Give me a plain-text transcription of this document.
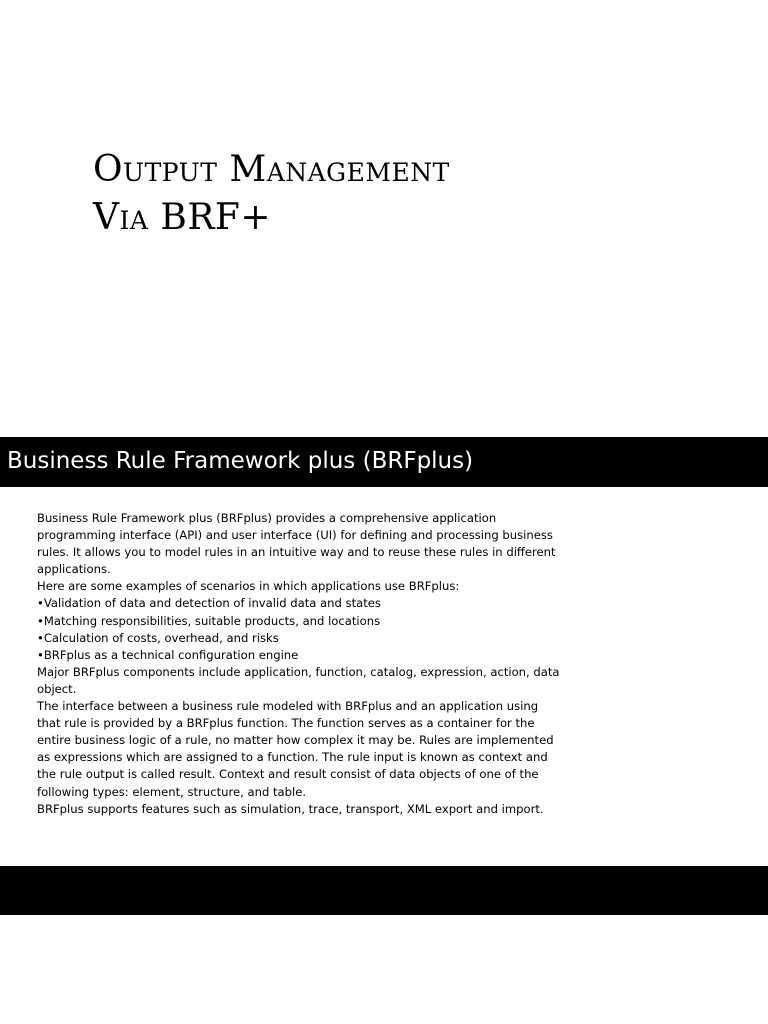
Output Management
Via BRF+
Business Rule Framework plus (BRFplus)
Business Rule Framework plus (BRFplus) provides a comprehensive application
programming interface (API) and user interface (UI) for defining and processing business
rules. It allows you to model rules in an intuitive way and to reuse these rules in different
applications.
Here are some examples of scenarios in which applications use BRFplus:
•Validation of data and detection of invalid data and states
•Matching responsibilities, suitable products, and locations
•Calculation of costs, overhead, and risks
•BRFplus as a technical configuration engine
Major BRFplus components include application, function, catalog, expression, action, data
object.
The interface between a business rule modeled with BRFplus and an application using
that rule is provided by a BRFplus function. The function serves as a container for the
entire business logic of a rule, no matter how complex it may be. Rules are implemented
as expressions which are assigned to a function. The rule input is known as context and
the rule output is called result. Context and result consist of data objects of one of the
following types: element, structure, and table.
BRFplus supports features such as simulation, trace, transport, XML export and import.
